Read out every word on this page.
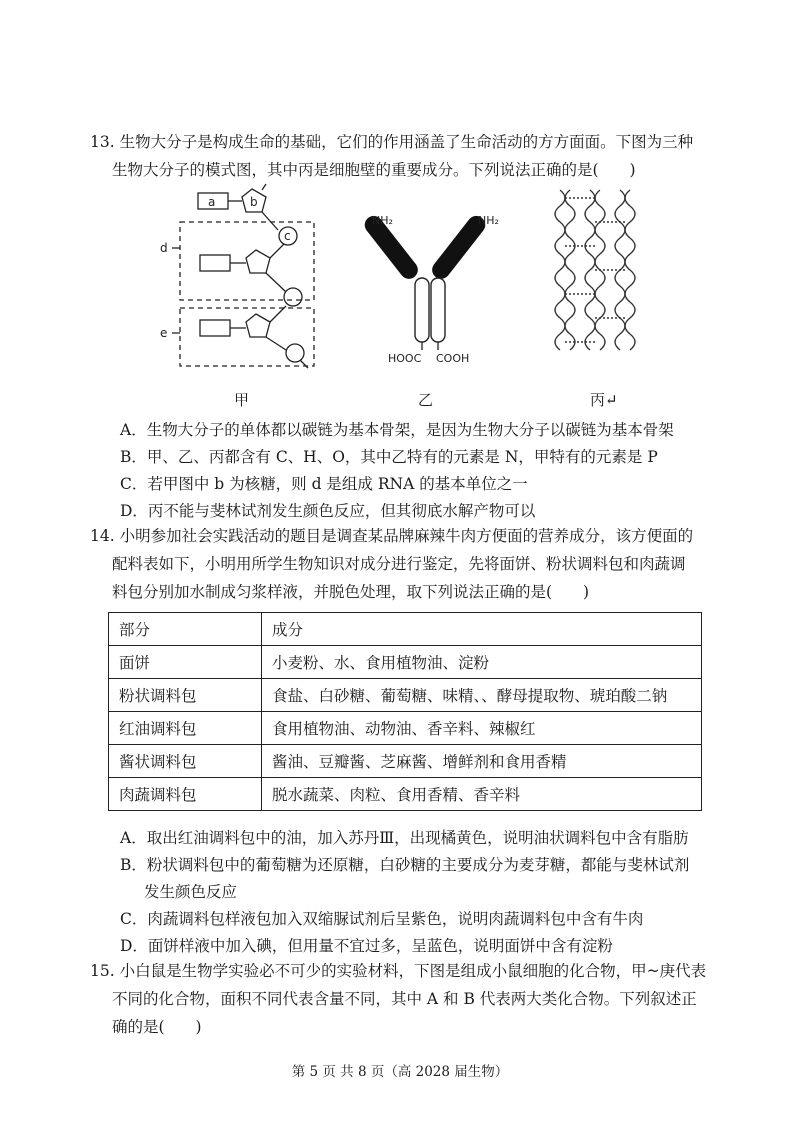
13. 生物大分子是构成生命的基础，它们的作用涵盖了生命活动的方方面面。下图为三种
生物大分子的模式图，其中丙是细胞壁的重要成分。下列说法正确的是(　　)
a	b
c
d
e
NH₂	NH₂
HOOC COOH
甲	乙	丙↵
A．生物大分子的单体都以碳链为基本骨架，是因为生物大分子以碳链为基本骨架
B．甲、乙、丙都含有 C、H、O，其中乙特有的元素是 N，甲特有的元素是 P
C．若甲图中 b 为核糖，则 d 是组成 RNA 的基本单位之一
D．丙不能与斐林试剂发生颜色反应，但其彻底水解产物可以
14. 小明参加社会实践活动的题目是调查某品牌麻辣牛肉方便面的营养成分，该方便面的
配料表如下，小明用所学生物知识对成分进行鉴定，先将面饼、粉状调料包和肉蔬调
料包分别加水制成匀浆样液，并脱色处理，取下列说法正确的是(　　)
部分	成分
面饼	小麦粉、水、食用植物油、淀粉
粉状调料包	食盐、白砂糖、葡萄糖、味精、、酵母提取物、琥珀酸二钠
红油调料包	食用植物油、动物油、香辛料、辣椒红
酱状调料包	酱油、豆瓣酱、芝麻酱、增鲜剂和食用香精
肉蔬调料包	脱水蔬菜、肉粒、食用香精、香辛料
A．取出红油调料包中的油，加入苏丹Ⅲ，出现橘黄色，说明油状调料包中含有脂肪
B．粉状调料包中的葡萄糖为还原糖，白砂糖的主要成分为麦芽糖，都能与斐林试剂
发生颜色反应
C．肉蔬调料包样液包加入双缩脲试剂后呈紫色，说明肉蔬调料包中含有牛肉
D．面饼样液中加入碘，但用量不宜过多，呈蓝色，说明面饼中含有淀粉
15. 小白鼠是生物学实验必不可少的实验材料，下图是组成小鼠细胞的化合物，甲~庚代表
不同的化合物，面积不同代表含量不同，其中 A 和 B 代表两大类化合物。下列叙述正
确的是(　　)
第 5 页 共 8 页（高 2028 届生物）
